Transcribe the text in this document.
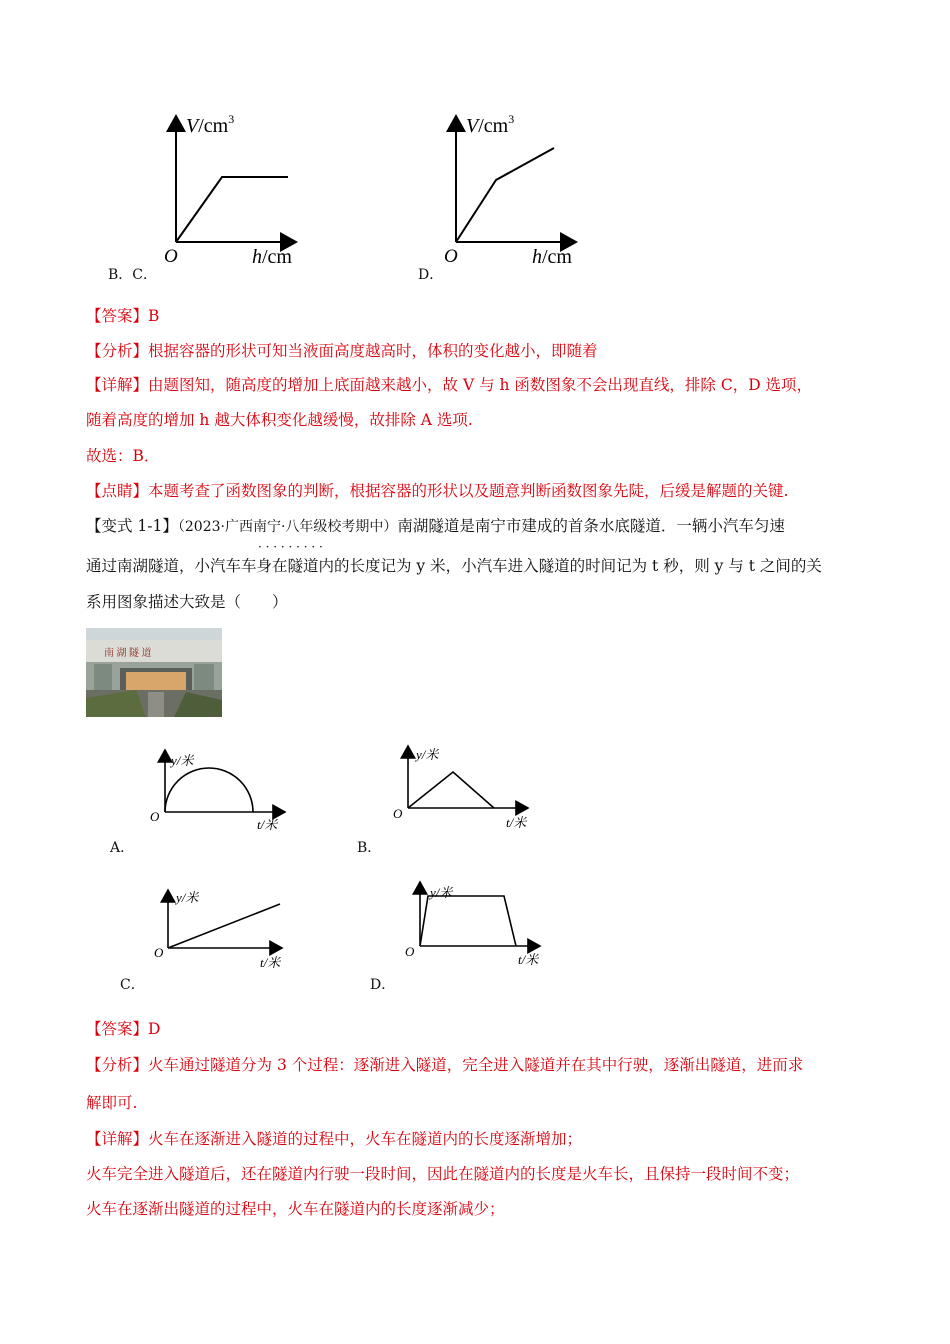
$V/cm^3$
O	h/cm
B．C．
$V/cm^3$
O	h/cm
D．
【答案】B
【分析】根据容器的形状可知当液面高度越高时，体积的变化越小，即随着
【详解】由题图知，随高度的增加上底面越来越小，故 V 与 h 函数图象不会出现直线，排除 C，D 选项，
随着高度的增加 h 越大体积变化越缓慢，故排除 A 选项.
故选：B．
【点睛】本题考查了函数图象的判断，根据容器的形状以及题意判断函数图象先陡，后缓是解题的关键.
【变式 1-1】（2023·广西南宁·八年级校考期中）南湖隧道是南宁市建成的首条水底隧道．一辆小汽车匀速
· · · · · · · · ·
通过南湖隧道，小汽车车身在隧道内的长度记为 y 米，小汽车进入隧道的时间记为 t 秒，则 y 与 t 之间的关
系用图象描述大致是（　　）
南 湖 隧 道
y/米
O
t/米
A．
y/米
O
t/米
B．
y/米
O
t/米
C．
y/米
O
t/米
D．
【答案】D
【分析】火车通过隧道分为 3 个过程：逐渐进入隧道，完全进入隧道并在其中行驶，逐渐出隧道，进而求
解即可.
【详解】火车在逐渐进入隧道的过程中，火车在隧道内的长度逐渐增加；
火车完全进入隧道后，还在隧道内行驶一段时间，因此在隧道内的长度是火车长，且保持一段时间不变；
火车在逐渐出隧道的过程中，火车在隧道内的长度逐渐减少；
